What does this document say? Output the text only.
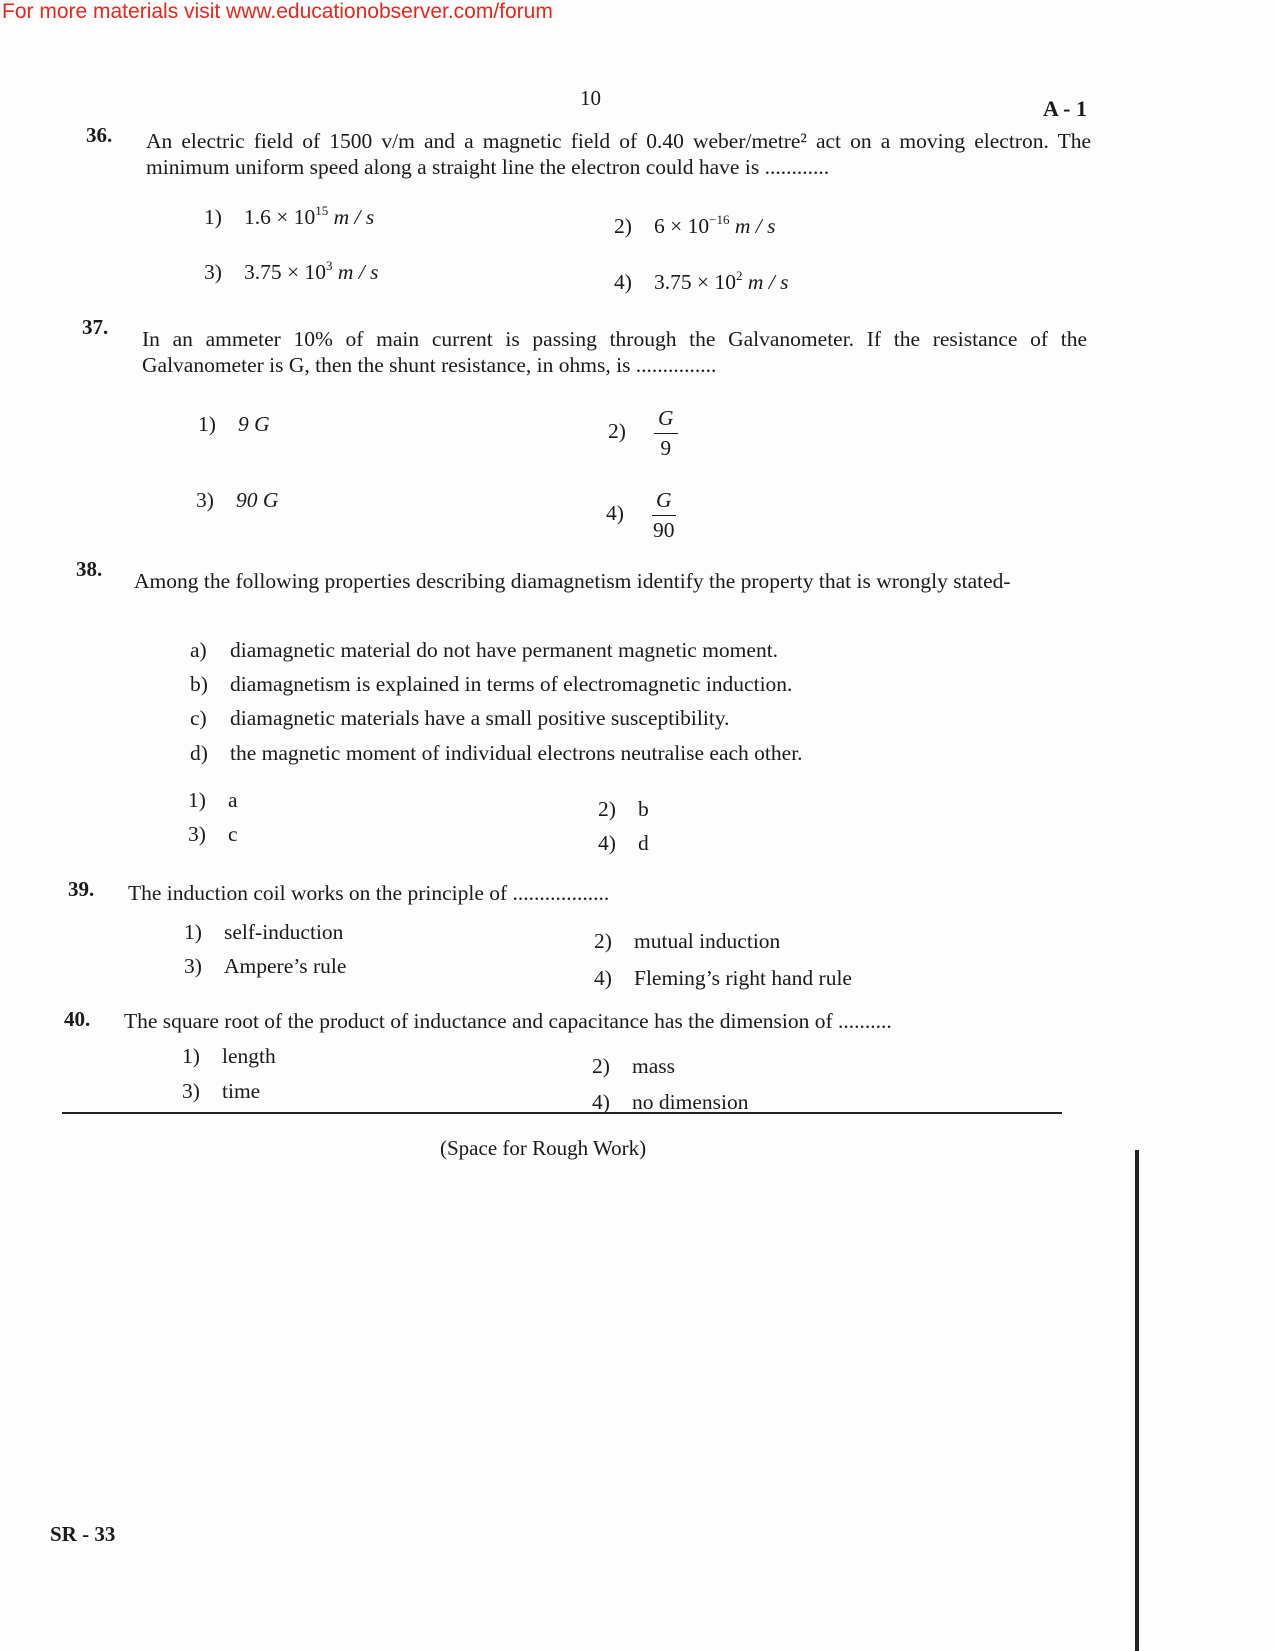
For more materials visit www.educationobserver.com/forum
10	A - 1
36. An electric field of 1500 v/m and a magnetic field of 0.40 weber/metre² act on a moving electron. The minimum uniform speed along a straight line the electron could have is ............
1) $1.6 \times 10^{15}$ m / s	2) $6 \times 10^{-16}$ m / s
3) $3.75 \times 10^3$ m / s	4) $3.75 \times 10^2$ m / s
37. In an ammeter 10% of main current is passing through the Galvanometer. If the resistance of the Galvanometer is G, then the shunt resistance, in ohms, is ...............
1) 9 G	$2) \frac{G}{9}$
3) 90 G
$4) \frac{G}{90}$
38. Among the following properties describing diamagnetism identify the property that is wrongly stated-
a) diamagnetic material do not have permanent magnetic moment.
b) diamagnetism is explained in terms of electromagnetic induction.
c) diamagnetic materials have a small positive susceptibility.
d) the magnetic moment of individual electrons neutralise each other.
1) a	2) b
3) c	4) d
39. The induction coil works on the principle of ..................
1) self-induction	2) mutual induction
3) Ampere’s rule	4) Fleming’s right hand rule
40. The square root of the product of inductance and capacitance has the dimension of ..........
1) length	2) mass
3) time	4) no dimension
(Space for Rough Work)
SR - 33
